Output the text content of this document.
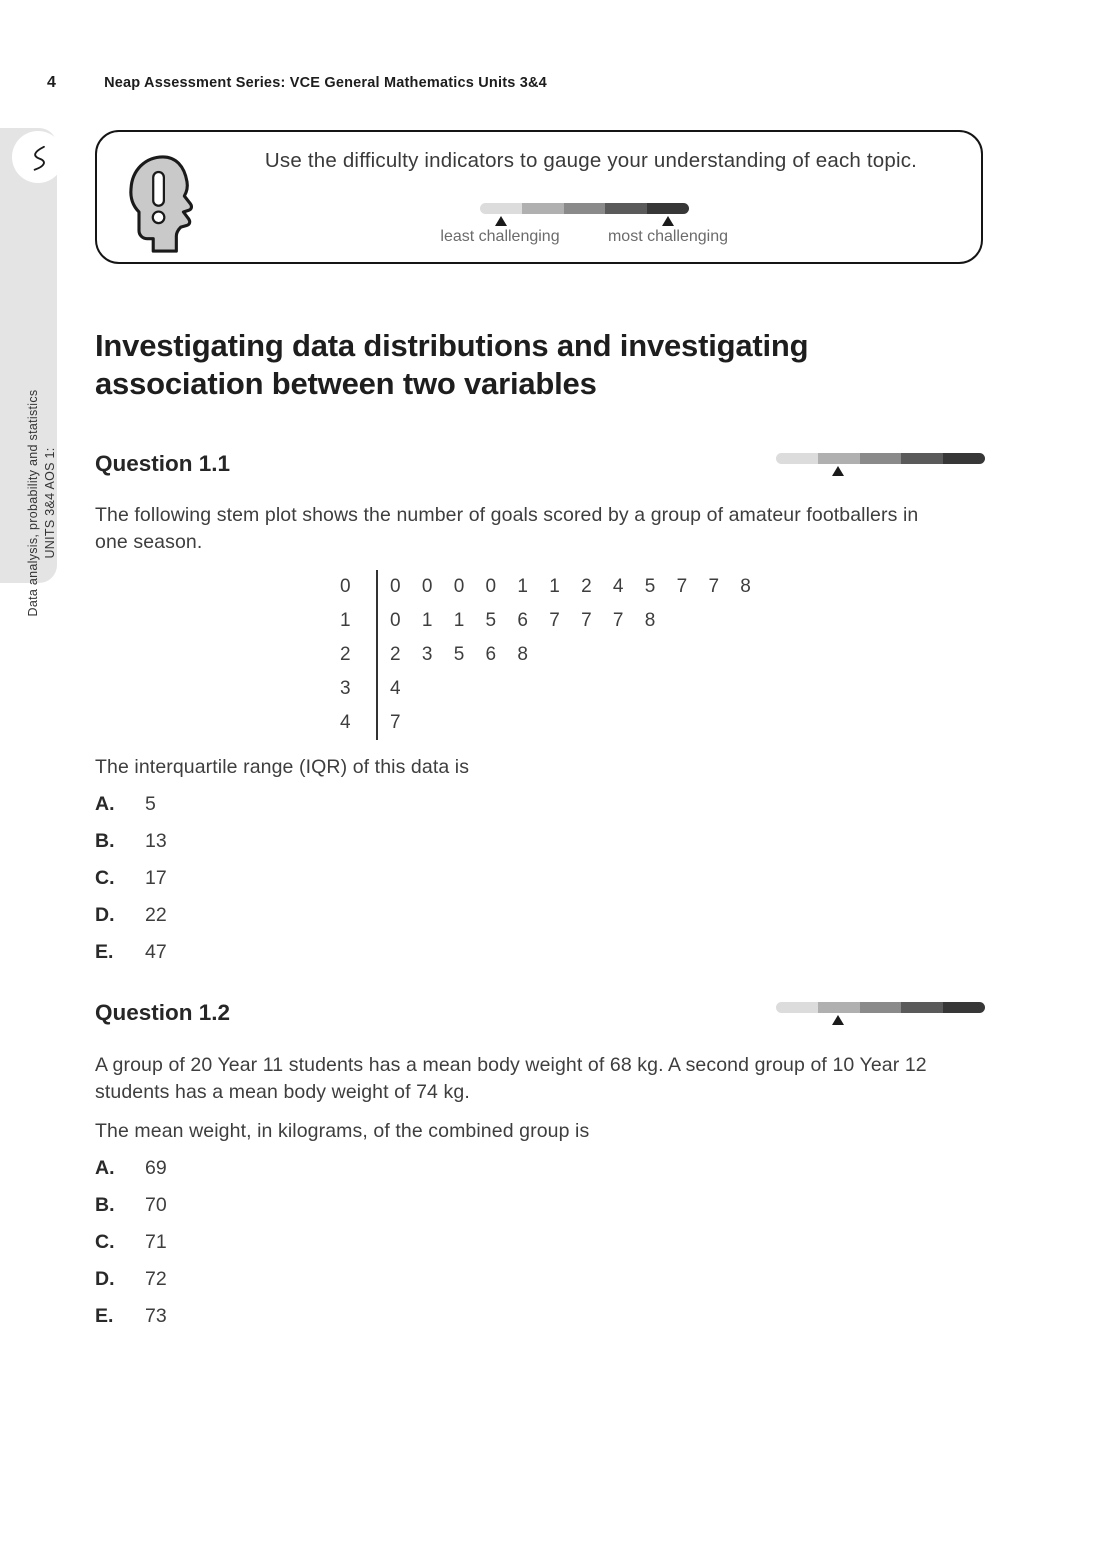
4	Neap Assessment Series: VCE General Mathematics Units 3&4
Data analysis, probability and statistics UNITS 3&4 AOS 1:
Use the difficulty indicators to gauge your understanding of each topic.
least challenging	most challenging
Investigating data distributions and investigating association between two variables
Question 1.1

The following stem plot shows the number of goals scored by a group of amateur footballers in one season.

0	0 0 0 0 1 1 2 4 5 7 7 8
1	0 1 1 5 6 7 7 7 8
2	2 3 5 6 8
3	4
4	7

The interquartile range (IQR) of this data is

A.	5
B.	13
C.	17
D.	22
E.	47
Question 1.2

A group of 20 Year 11 students has a mean body weight of 68 kg. A second group of 10 Year 12 students has a mean body weight of 74 kg.

The mean weight, in kilograms, of the combined group is

A.	69
B.	70
C.	71
D.	72
E.	73
